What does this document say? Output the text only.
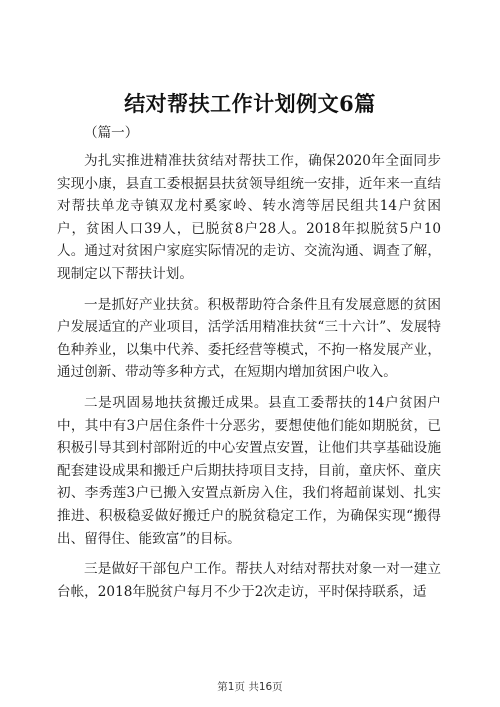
结对帮扶工作计划例文6篇

（篇一）

为扎实推进精准扶贫结对帮扶工作，确保2020年全面同步实现小康，县直工委根据县扶贫领导组统一安排，近年来一直结对帮扶单龙寺镇双龙村奚家岭、转水湾等居民组共14户贫困户，贫困人口39人，已脱贫8户28人。2018年拟脱贫5户10人。通过对贫困户家庭实际情况的走访、交流沟通、调查了解，现制定以下帮扶计划。

一是抓好产业扶贫。积极帮助符合条件且有发展意愿的贫困户发展适宜的产业项目，活学活用精准扶贫“三十六计”、发展特色种养业，以集中代养、委托经营等模式，不拘一格发展产业，通过创新、带动等多种方式，在短期内增加贫困户收入。

二是巩固易地扶贫搬迁成果。县直工委帮扶的14户贫困户中，其中有3户居住条件十分恶劣，要想使他们能如期脱贫，已积极引导其到村部附近的中心安置点安置，让他们共享基础设施配套建设成果和搬迁户后期扶持项目支持，目前，童庆怀、童庆初、李秀莲3户已搬入安置点新房入住，我们将超前谋划、扎实推进、积极稳妥做好搬迁户的脱贫稳定工作，为确保实现“搬得出、留得住、能致富”的目标。

三是做好干部包户工作。帮扶人对结对帮扶对象一对一建立台帐，2018年脱贫户每月不少于2次走访，平时保持联系，适

第1页 共16页
